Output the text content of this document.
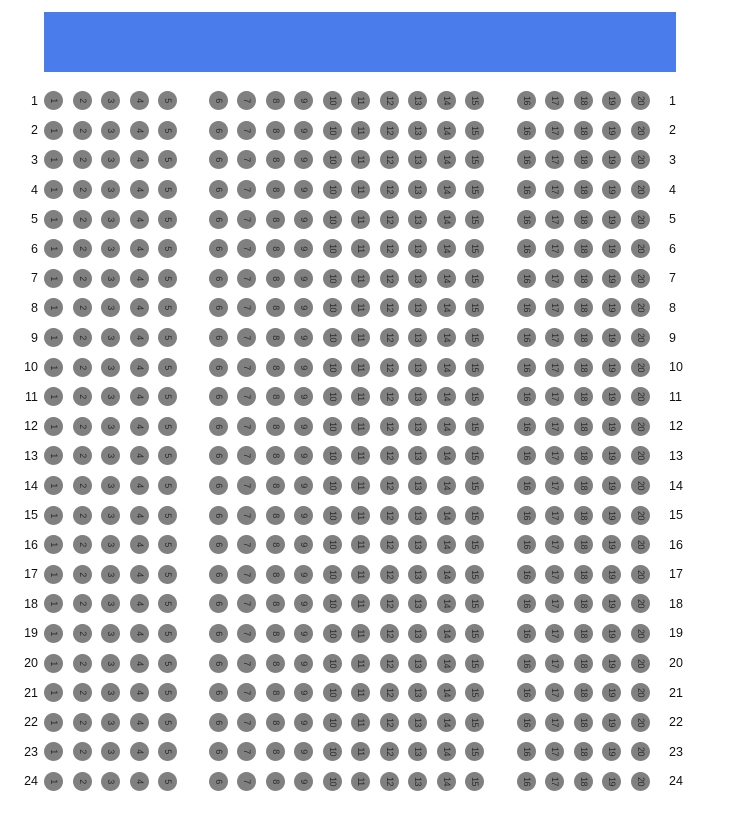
1	1	2	3	4	5	6	7	8	9	10	11	12	13	14	15	16	17	18	19	20	1
2	1	2	3	4	5	6	7	8	9	10	11	12	13	14	15	16	17	18	19	20	2
3	1	2	3	4	5	6	7	8	9	10	11	12	13	14	15	16	17	18	19	20	3
4	1	2	3	4	5	6	7	8	9	10	11	12	13	14	15	16	17	18	19	20	4
5	1	2	3	4	5	6	7	8	9	10	11	12	13	14	15	16	17	18	19	20	5
6	1	2	3	4	5	6	7	8	9	10	11	12	13	14	15	16	17	18	19	20	6
7	1	2	3	4	5	6	7	8	9	10	11	12	13	14	15	16	17	18	19	20	7
8	1	2	3	4	5	6	7	8	9	10	11	12	13	14	15	16	17	18	19	20	8
9	1	2	3	4	5	6	7	8	9	10	11	12	13	14	15	16	17	18	19	20	9
10	1	2	3	4	5	6	7	8	9	10	11	12	13	14	15	16	17	18	19	20	10
11	1	2	3	4	5	6	7	8	9	10	11	12	13	14	15	16	17	18	19	20	11
12	1	2	3	4	5	6	7	8	9	10	11	12	13	14	15	16	17	18	19	20	12
13	1	2	3	4	5	6	7	8	9	10	11	12	13	14	15	16	17	18	19	20	13
14	1	2	3	4	5	6	7	8	9	10	11	12	13	14	15	16	17	18	19	20	14
15	1	2	3	4	5	6	7	8	9	10	11	12	13	14	15	16	17	18	19	20	15
16	1	2	3	4	5	6	7	8	9	10	11	12	13	14	15	16	17	18	19	20	16
17	1	2	3	4	5	6	7	8	9	10	11	12	13	14	15	16	17	18	19	20	17
18	1	2	3	4	5	6	7	8	9	10	11	12	13	14	15	16	17	18	19	20	18
19	1	2	3	4	5	6	7	8	9	10	11	12	13	14	15	16	17	18	19	20	19
20	1	2	3	4	5	6	7	8	9	10	11	12	13	14	15	16	17	18	19	20	20
21	1	2	3	4	5	6	7	8	9	10	11	12	13	14	15	16	17	18	19	20	21
22	1	2	3	4	5	6	7	8	9	10	11	12	13	14	15	16	17	18	19	20	22
23	1	2	3	4	5	6	7	8	9	10	11	12	13	14	15	16	17	18	19	20	23
24	1	2	3	4	5	6	7	8	9	10	11	12	13	14	15	16	17	18	19	20	24
